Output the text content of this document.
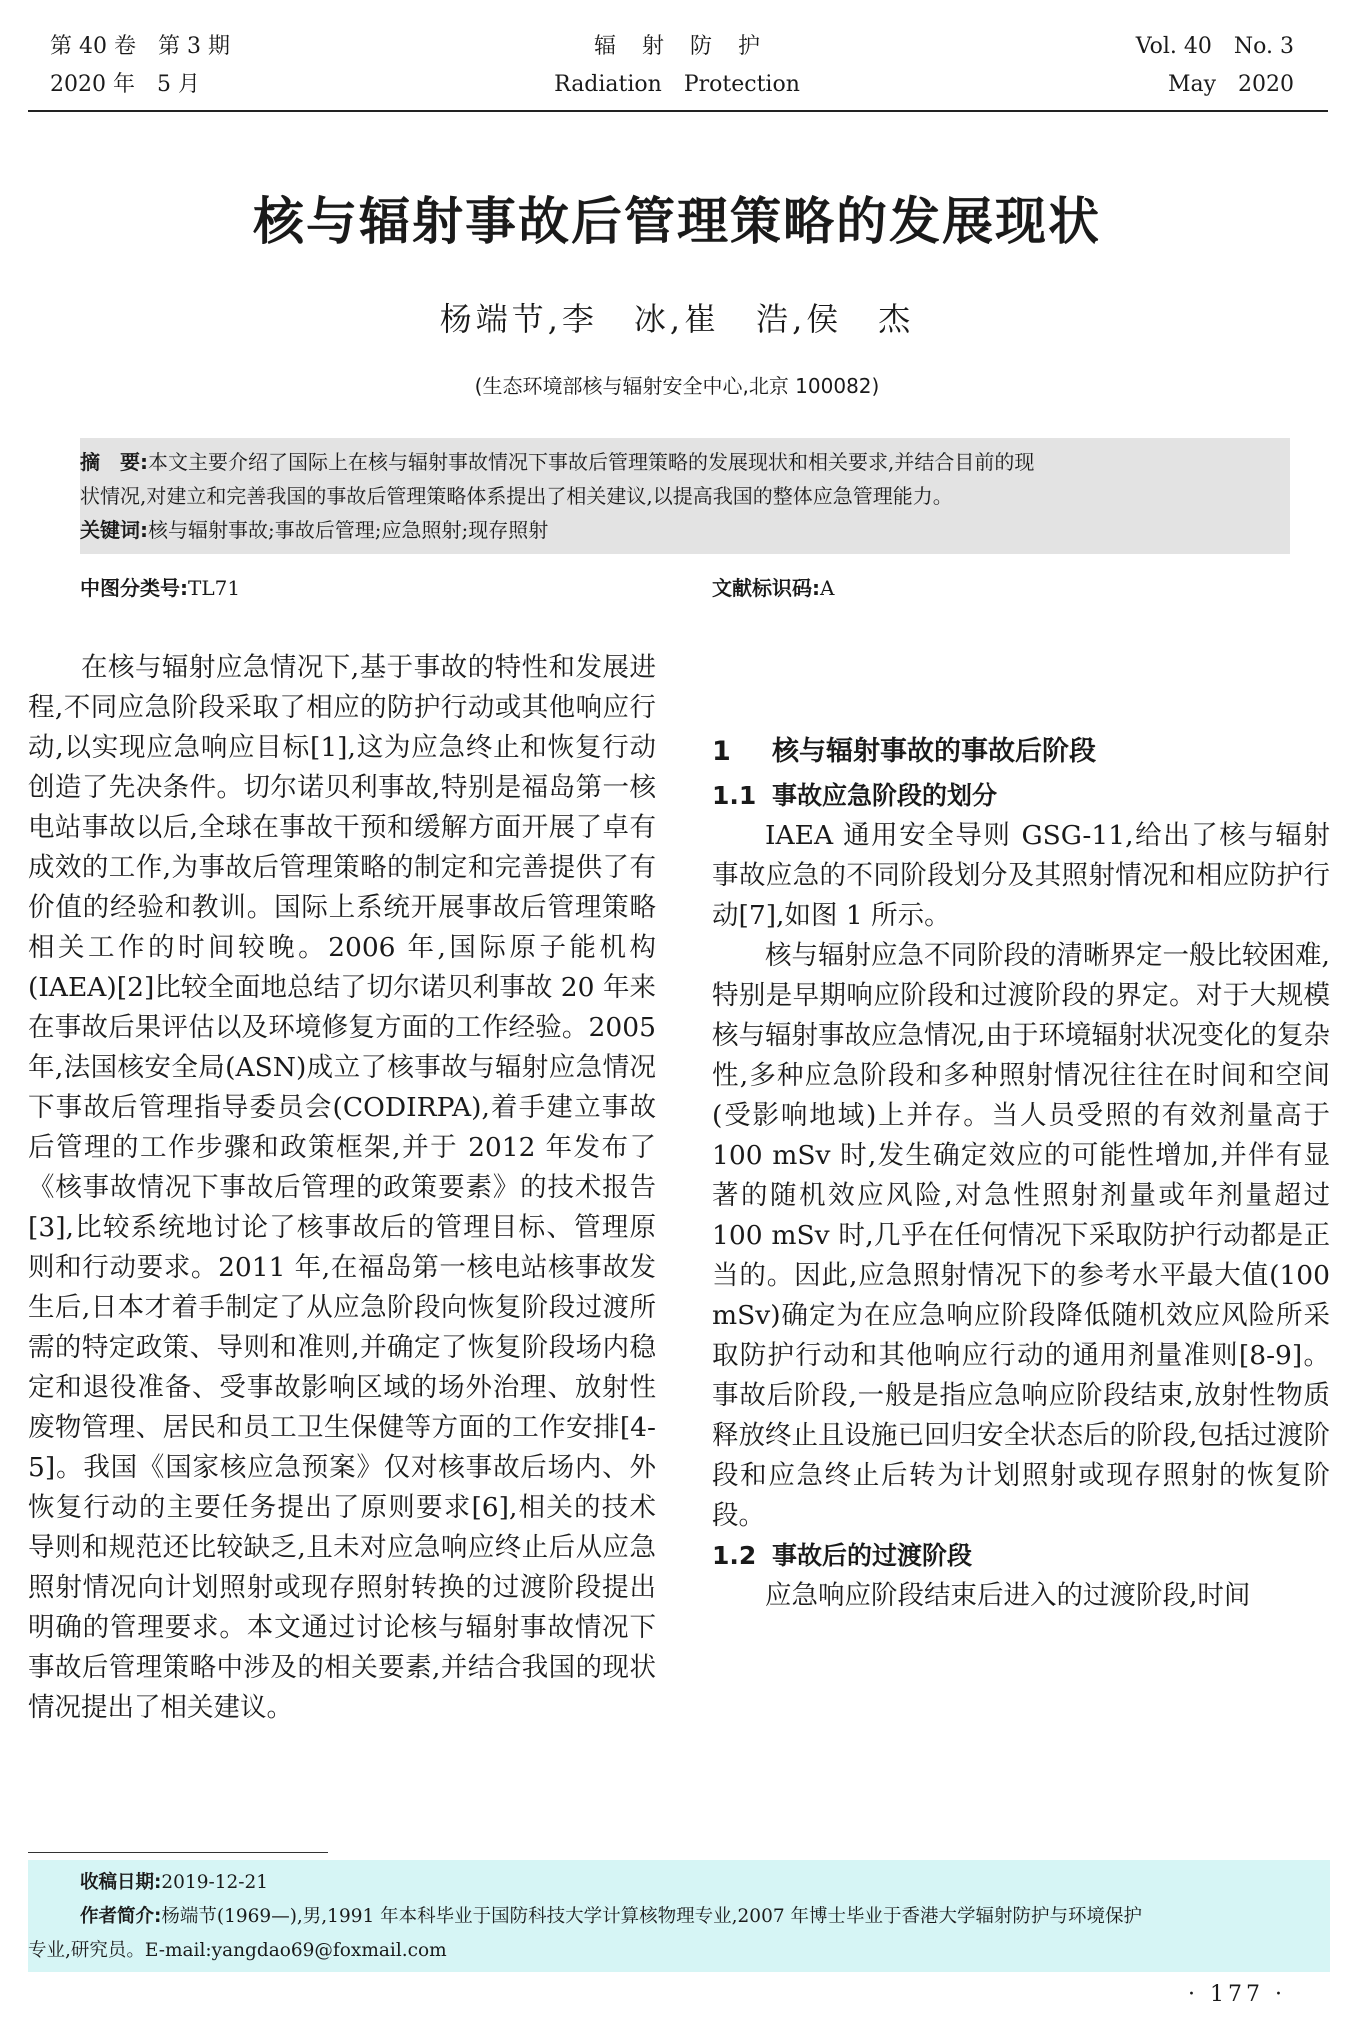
第 40 卷　第 3 期
2020 年　5 月
辐射防护
Radiation　Protection
Vol. 40　No. 3
May　2020
核与辐射事故后管理策略的发展现状
杨端节,李　冰,崔　浩,侯　杰
(生态环境部核与辐射安全中心,北京 100082)
摘　要:本文主要介绍了国际上在核与辐射事故情况下事故后管理策略的发展现状和相关要求,并结合目前的现
状情况,对建立和完善我国的事故后管理策略体系提出了相关建议,以提高我国的整体应急管理能力。
关键词:核与辐射事故;事故后管理;应急照射;现存照射
中图分类号:TL71	文献标识码:A

在核与辐射应急情况下,基于事故的特性和发展进程,不同应急阶段采取了相应的防护行动或其他响应行动,以实现应急响应目标[1],这为应急终止和恢复行动创造了先决条件。切尔诺贝利事故,特别是福岛第一核电站事故以后,全球在事故干预和缓解方面开展了卓有成效的工作,为事故后管理策略的制定和完善提供了有价值的经验和教训。国际上系统开展事故后管理策略相关工作的时间较晚。2006 年,国际原子能机构(IAEA)[2]比较全面地总结了切尔诺贝利事故 20 年来在事故后果评估以及环境修复方面的工作经验。2005 年,法国核安全局(ASN)成立了核事故与辐射应急情况下事故后管理指导委员会(CODIRPA),着手建立事故后管理的工作步骤和政策框架,并于 2012 年发布了《核事故情况下事故后管理的政策要素》的技术报告[3],比较系统地讨论了核事故后的管理目标、管理原则和行动要求。2011 年,在福岛第一核电站核事故发生后,日本才着手制定了从应急阶段向恢复阶段过渡所需的特定政策、导则和准则,并确定了恢复阶段场内稳定和退役准备、受事故影响区域的场外治理、放射性废物管理、居民和员工卫生保健等方面的工作安排[4-5]。我国《国家核应急预案》仅对核事故后场内、外恢复行动的主要任务提出了原则要求[6],相关的技术导则和规范还比较缺乏,且未对应急响应终止后从应急照射情况向计划照射或现存照射转换的过渡阶段提出明确的管理要求。本文通过讨论核与辐射事故情况下事故后管理策略中涉及的相关要素,并结合我国的现状情况提出了相关建议。

1 核与辐射事故的事故后阶段
1.1 事故应急阶段的划分

IAEA 通用安全导则 GSG-11,给出了核与辐射事故应急的不同阶段划分及其照射情况和相应防护行动[7],如图 1 所示。

核与辐射应急不同阶段的清晰界定一般比较困难,特别是早期响应阶段和过渡阶段的界定。对于大规模核与辐射事故应急情况,由于环境辐射状况变化的复杂性,多种应急阶段和多种照射情况往往在时间和空间(受影响地域)上并存。当人员受照的有效剂量高于 100 mSv 时,发生确定效应的可能性增加,并伴有显著的随机效应风险,对急性照射剂量或年剂量超过 100 mSv 时,几乎在任何情况下采取防护行动都是正当的。因此,应急照射情况下的参考水平最大值(100 mSv)确定为在应急响应阶段降低随机效应风险所采取防护行动和其他响应行动的通用剂量准则[8-9]。事故后阶段,一般是指应急响应阶段结束,放射性物质释放终止且设施已回归安全状态后的阶段,包括过渡阶段和应急终止后转为计划照射或现存照射的恢复阶段。

1.2 事故后的过渡阶段

应急响应阶段结束后进入的过渡阶段,时间

收稿日期:2019-12-21
作者简介:杨端节(1969—),男,1991 年本科毕业于国防科技大学计算核物理专业,2007 年博士毕业于香港大学辐射防护与环境保护
专业,研究员。E-mail:yangdao69@foxmail.com
· 177 ·
